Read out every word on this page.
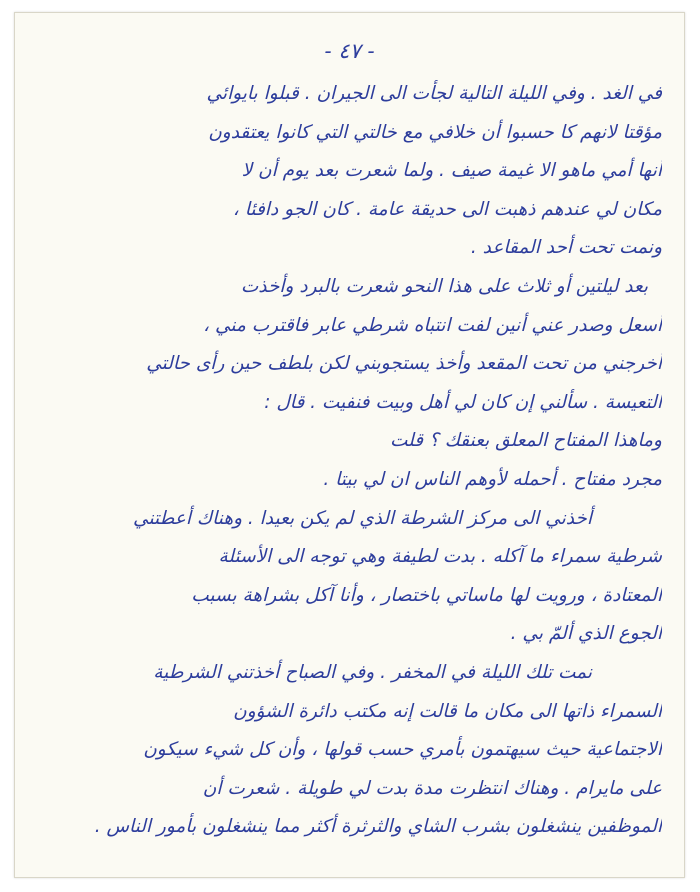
- ٤٧ -
في الغد . وفي الليلة التالية لجأت الى الجيران . قبلوا بايوائي
مؤقتا لانهم كا حسبوا أن خلافي مع خالتي التي كانوا يعتقدون
أنها أمي ماهو الا غيمة صيف . ولما شعرت بعد يوم أن لا
مكان لي عندهم ذهبت الى حديقة عامة . كان الجو دافئا ،
ونمت تحت أحد المقاعد .
بعد ليلتين أو ثلاث على هذا النحو شعرت بالبرد وأخذت
أسعل وصدر عني أنين لفت انتباه شرطي عابر فاقترب مني ،
أخرجني من تحت المقعد وأخذ يستجوبني لكن بلطف حين رأى حالتي
التعيسة . سألني إن كان لي أهل وبيت فنفيت . قال :
وماهذا المفتاح المعلق بعنقك ؟ قلت
مجرد مفتاح . أحمله لأوهم الناس ان لي بيتا .
أخذني الى مركز الشرطة الذي لم يكن بعيدا . وهناك أعطتني
شرطية سمراء ما آكله . بدت لطيفة وهي توجه الى الأسئلة
المعتادة ، ورويت لها ماساتي باختصار ، وأنا آكل بشراهة بسبب
الجوع الذي ألمّ بي .
نمت تلك الليلة في المخفر . وفي الصباح أخذتني الشرطية
السمراء ذاتها الى مكان ما قالت إنه مكتب دائرة الشؤون
الاجتماعية حيث سيهتمون بأمري حسب قولها ، وأن كل شيء سيكون
على مايرام . وهناك انتظرت مدة بدت لي طويلة . شعرت أن
الموظفين ينشغلون بشرب الشاي والثرثرة أكثر مما ينشغلون بأمور الناس .
